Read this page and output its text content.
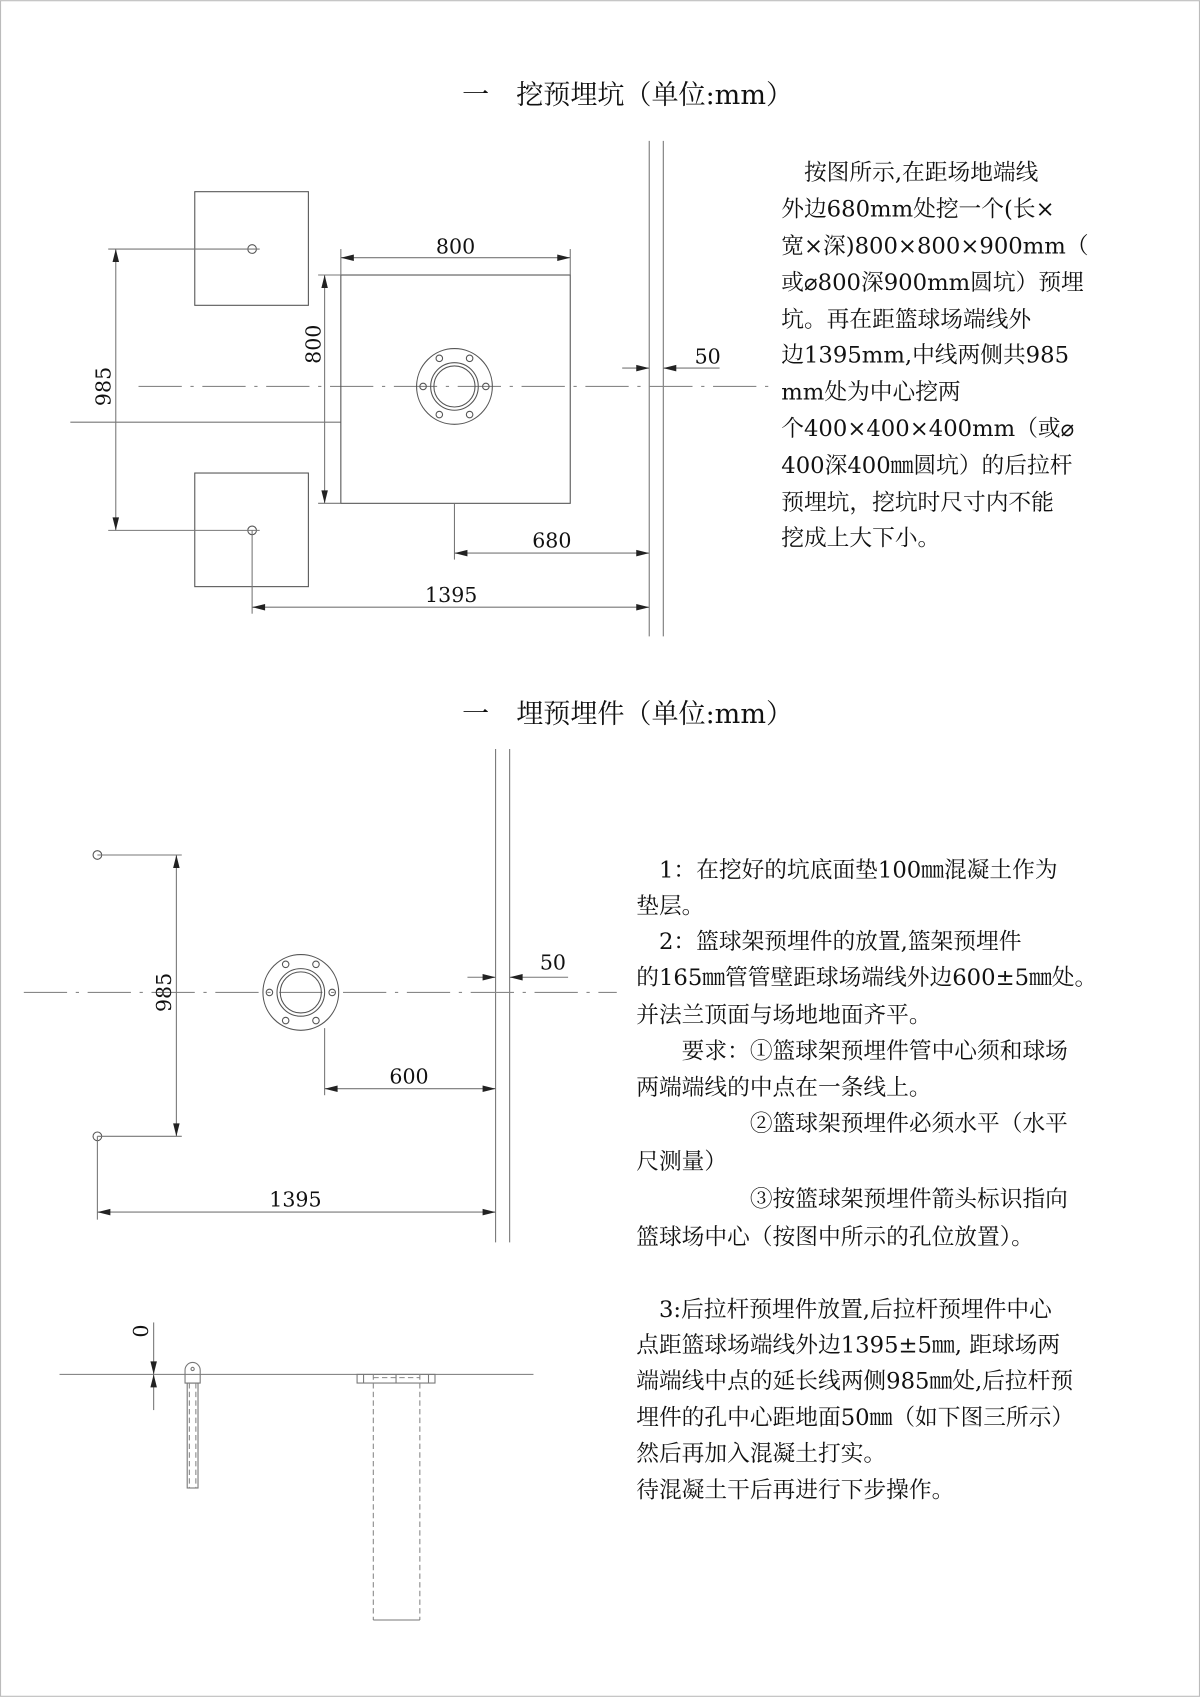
一　挖预埋坑（单位:mm）
985
800
800	50
680
1395
　按图所示,在距场地端线
外边680mm处挖一个(长×
宽×深)800×800×900mm（
或⌀800深900mm圆坑）预埋
坑。再在距篮球场端线外
边1395mm,中线两侧共985
mm处为中心挖两
个400×400×400mm（或⌀
400深400㎜圆坑）的后拉杆
预埋坑，挖坑时尺寸内不能
挖成上大下小。
一　埋预埋件（单位:mm）
985
50
600
1395
0
　1：在挖好的坑底面垫100㎜混凝土作为
垫层。
　2：篮球架预埋件的放置,篮架预埋件
的165㎜管管壁距球场端线外边600±5㎜处。
并法兰顶面与场地地面齐平。
　　要求：①篮球架预埋件管中心须和球场
两端端线的中点在一条线上。
　　　　　②篮球架预埋件必须水平（水平
尺测量）
　　　　　③按篮球架预埋件箭头标识指向
篮球场中心（按图中所示的孔位放置）。
　3:后拉杆预埋件放置,后拉杆预埋件中心
点距篮球场端线外边1395±5㎜, 距球场两
端端线中点的延长线两侧985㎜处,后拉杆预
埋件的孔中心距地面50㎜（如下图三所示）
然后再加入混凝土打实。
待混凝土干后再进行下步操作。
